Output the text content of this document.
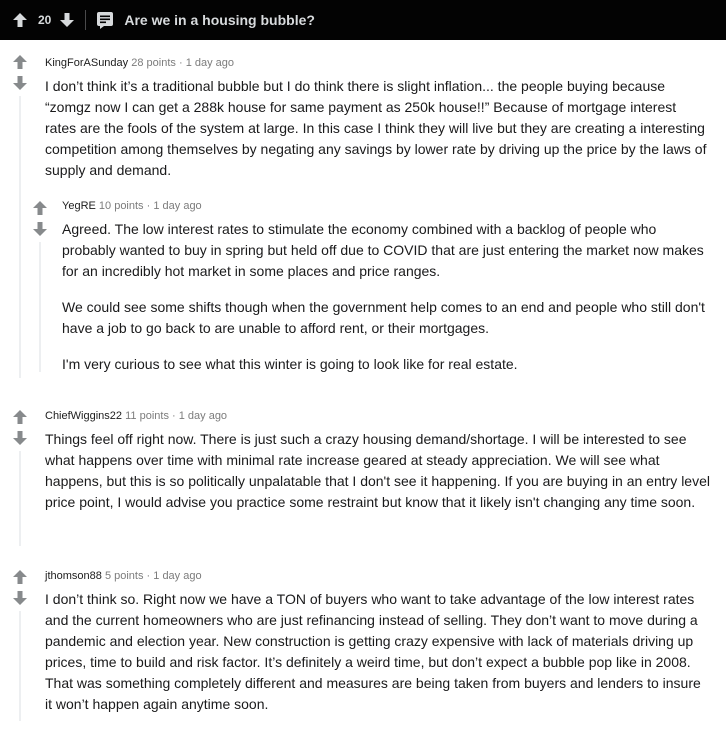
20	Are we in a housing bubble?
KingForASunday 28 points · 1 day ago

I don’t think it’s a traditional bubble but I do think there is slight inflation... the people buying because “zomgz now I can get a 288k house for same payment as 250k house!!” Because of mortgage interest rates are the fools of the system at large. In this case I think they will live but they are creating a interesting competition among themselves by negating any savings by lower rate by driving up the price by the laws of supply and demand.

YegRE 10 points · 1 day ago

Agreed. The low interest rates to stimulate the economy combined with a backlog of people who probably wanted to buy in spring but held off due to COVID that are just entering the market now makes for an incredibly hot market in some places and price ranges.

We could see some shifts though when the government help comes to an end and people who still don't have a job to go back to are unable to afford rent, or their mortgages.

I'm very curious to see what this winter is going to look like for real estate.

ChiefWiggins22 11 points · 1 day ago

Things feel off right now. There is just such a crazy housing demand/shortage. I will be interested to see what happens over time with minimal rate increase geared at steady appreciation. We will see what happens, but this is so politically unpalatable that I don't see it happening. If you are buying in an entry level price point, I would advise you practice some restraint but know that it likely isn't changing any time soon.

jthomson88 5 points · 1 day ago

I don’t think so. Right now we have a TON of buyers who want to take advantage of the low interest rates and the current homeowners who are just refinancing instead of selling. They don’t want to move during a pandemic and election year. New construction is getting crazy expensive with lack of materials driving up prices, time to build and risk factor. It’s definitely a weird time, but don’t expect a bubble pop like in 2008. That was something completely different and measures are being taken from buyers and lenders to insure it won’t happen again anytime soon.
